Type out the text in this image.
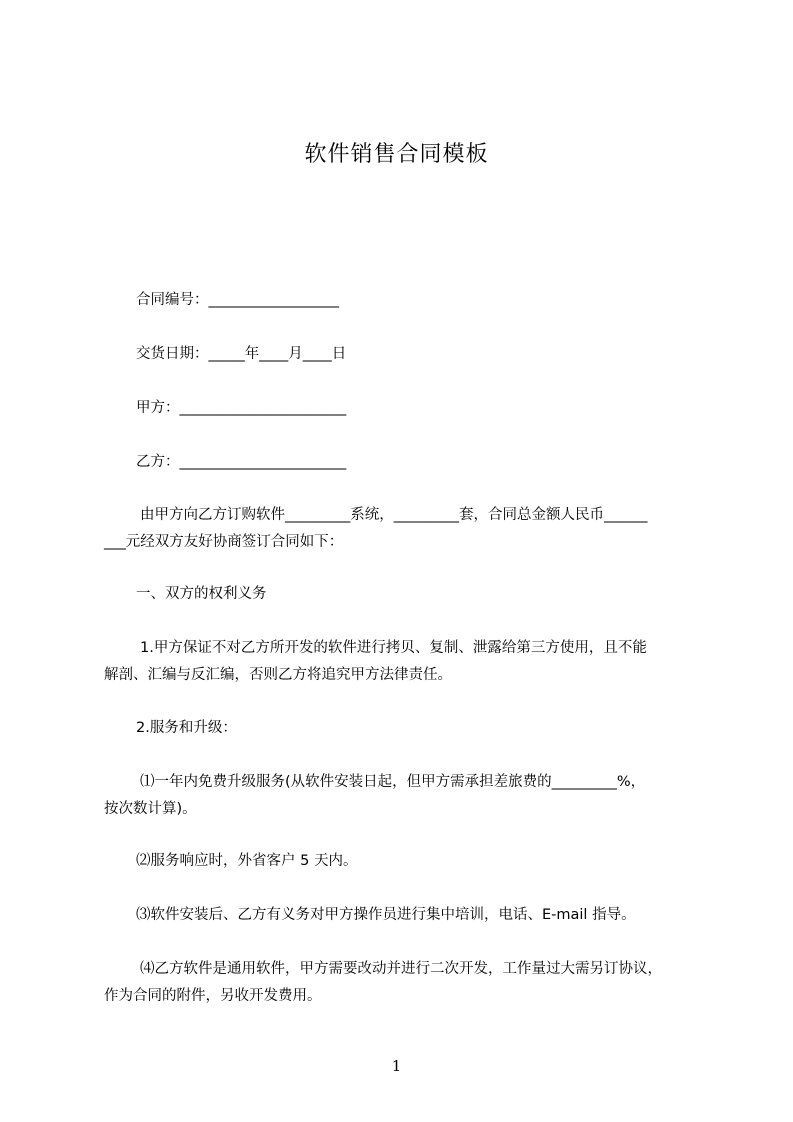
软件销售合同模板
合同编号：__________________
交货日期：_____年____月____日
甲方：_______________________
乙方：_______________________
由甲方向乙方订购软件_________系统，_________套，合同总金额人民币______
___元经双方友好协商签订合同如下：
一、双方的权利义务
1.甲方保证不对乙方所开发的软件进行拷贝、复制、泄露给第三方使用，且不能
解剖、汇编与反汇编，否则乙方将追究甲方法律责任。
2.服务和升级：
⑴一年内免费升级服务(从软件安装日起，但甲方需承担差旅费的_________%，
按次数计算)。
⑵服务响应时，外省客户 5 天内。
⑶软件安装后、乙方有义务对甲方操作员进行集中培训，电话、E-mail 指导。
⑷乙方软件是通用软件，甲方需要改动并进行二次开发，工作量过大需另订协议，
作为合同的附件，另收开发费用。
1
